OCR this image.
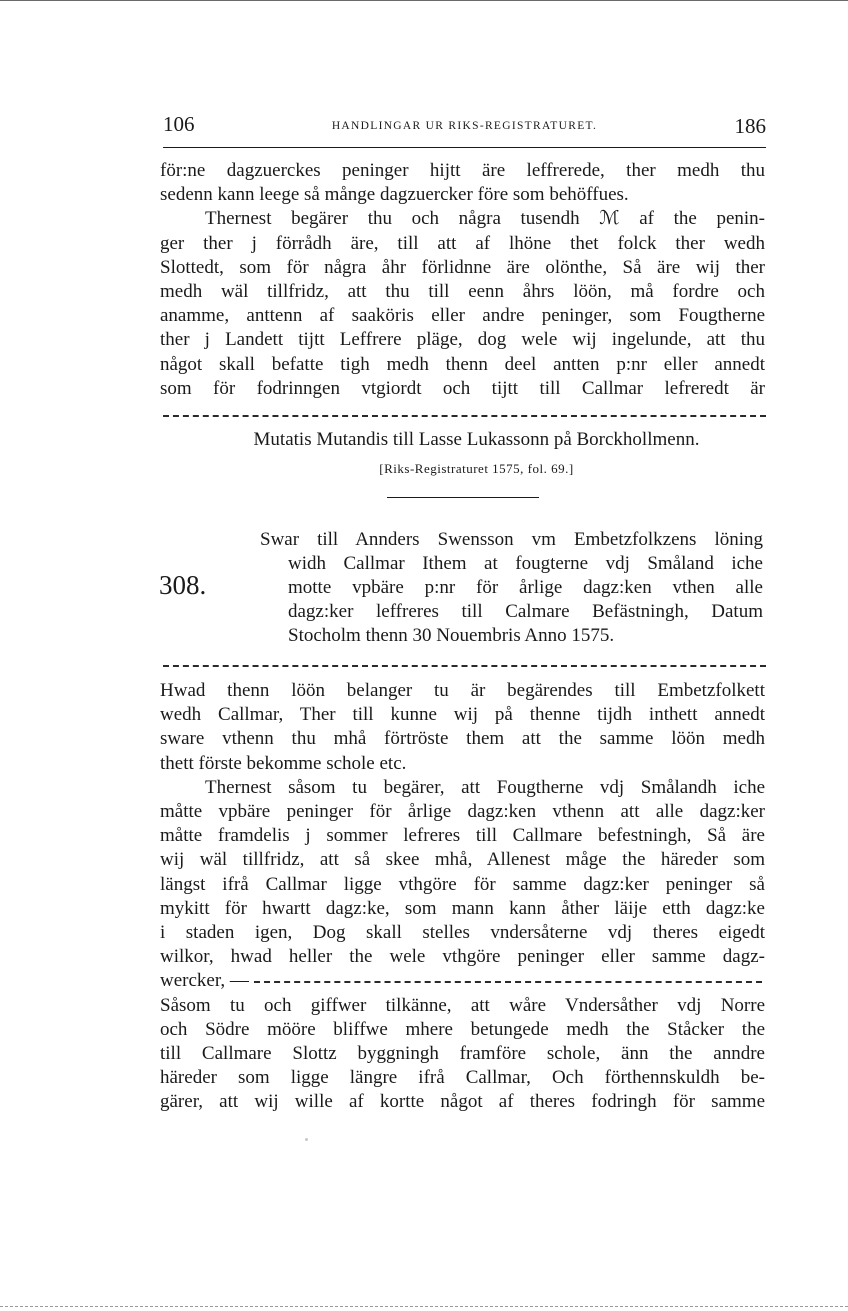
106	HANDLINGAR UR RIKS-REGISTRATURET.	186
för:ne dagzuerckes peninger hijtt äre leffrerede, ther medh thu
sedenn kann leege så månge dagzuercker före som behöffues.
Thernest begärer thu och några tusendh ℳ af the penin-
ger ther j förrådh äre, till att af lhöne thet folck ther wedh
Slottedt, som för några åhr förlidnne äre olönthe, Så äre wij ther
medh wäl tillfridz, att thu till eenn åhrs löön, må fordre och
anamme, anttenn af saaköris eller andre peninger, som Fougtherne
ther j Landett tijtt Leffrere pläge, dog wele wij ingelunde, att thu
något skall befatte tigh medh thenn deel antten p:nr eller annedt
som för fodrinngen vtgiordt och tijtt till Callmar lefreredt är
Mutatis Mutandis till Lasse Lukassonn på Borckhollmenn.
[Riks-Registraturet 1575, fol. 69.]
308.
Swar till Annders Swensson vm Embetzfolkzens löning
widh Callmar Ithem at fougterne vdj Småland iche
motte vpbäre p:nr för årlige dagz:ken vthen alle
dagz:ker leffreres till Calmare Befästningh, Datum
Stocholm thenn 30 Nouembris Anno 1575.
Hwad thenn löön belanger tu är begärendes till Embetzfolkett
wedh Callmar, Ther till kunne wij på thenne tijdh inthett annedt
sware vthenn thu mhå förtröste them att the samme löön medh
thett förste bekomme schole etc.
Thernest såsom tu begärer, att Fougtherne vdj Smålandh iche
måtte vpbäre peninger för årlige dagz:ken vthenn att alle dagz:ker
måtte framdelis j sommer lefreres till Callmare befestningh, Så äre
wij wäl tillfridz, att så skee mhå, Allenest måge the häreder som
längst ifrå Callmar ligge vthgöre för samme dagz:ker peninger så
mykitt för hwartt dagz:ke, som mann kann åther läije etth dagz:ke
i staden igen, Dog skall stelles vndersåterne vdj theres eigedt
wilkor, hwad heller the wele vthgöre peninger eller samme dagz-
wercker, —
Såsom tu och giffwer tilkänne, att wåre Vndersåther vdj Norre
och Södre mööre bliffwe mhere betungede medh the Ståcker the
till Callmare Slottz byggningh framföre schole, änn the anndre
häreder som ligge längre ifrå Callmar, Och förthennskuldh be-
gärer, att wij wille af kortte något af theres fodringh för samme
